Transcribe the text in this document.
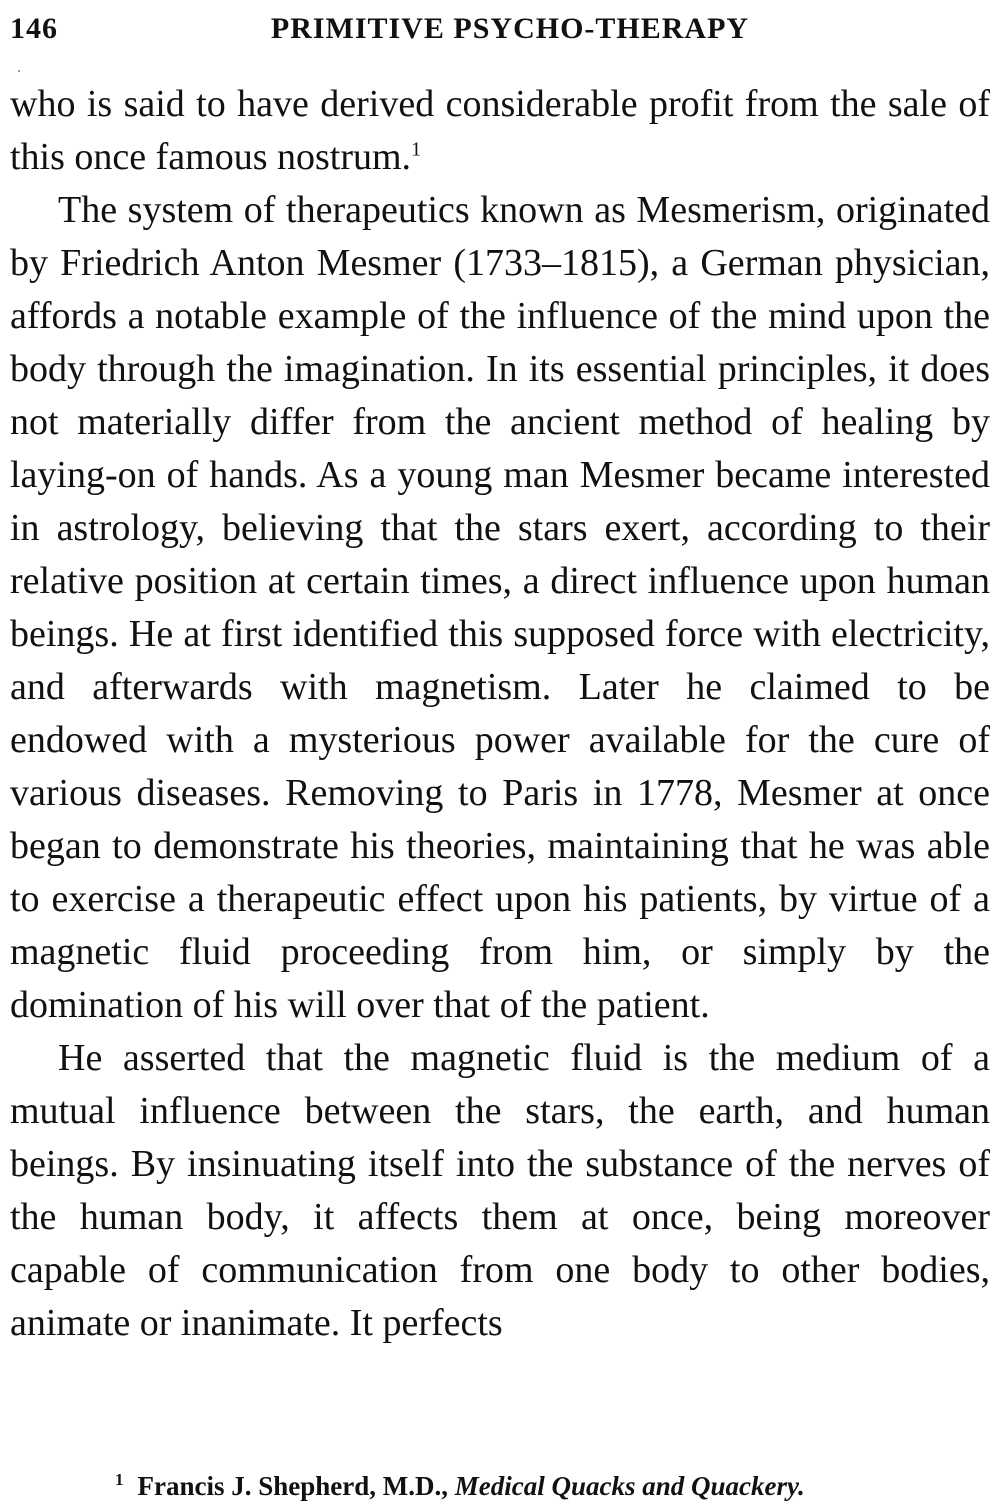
146	PRIMITIVE PSYCHO-THERAPY

who is said to have derived considerable profit from the sale of this once famous nostrum.$^1$

The system of therapeutics known as Mesmerism, originated by Friedrich Anton Mesmer (1733–1815), a German physician, affords a notable example of the influence of the mind upon the body through the imagination. In its essential principles, it does not materially differ from the ancient method of healing by laying-on of hands. As a young man Mesmer became interested in astrology, believing that the stars exert, according to their relative position at certain times, a direct influence upon human beings. He at first identified this supposed force with electricity, and afterwards with magnetism. Later he claimed to be endowed with a mysterious power available for the cure of various diseases. Removing to Paris in 1778, Mesmer at once began to demonstrate his theories, maintaining that he was able to exercise a therapeutic effect upon his patients, by virtue of a magnetic fluid proceeding from him, or simply by the domination of his will over that of the patient.

He asserted that the magnetic fluid is the medium of a mutual influence between the stars, the earth, and human beings. By insinuating itself into the substance of the nerves of the human body, it affects them at once, being moreover capable of communication from one body to other bodies, animate or inanimate. It perfects

$^1$ Francis J. Shepherd, M.D., Medical Quacks and Quackery.
